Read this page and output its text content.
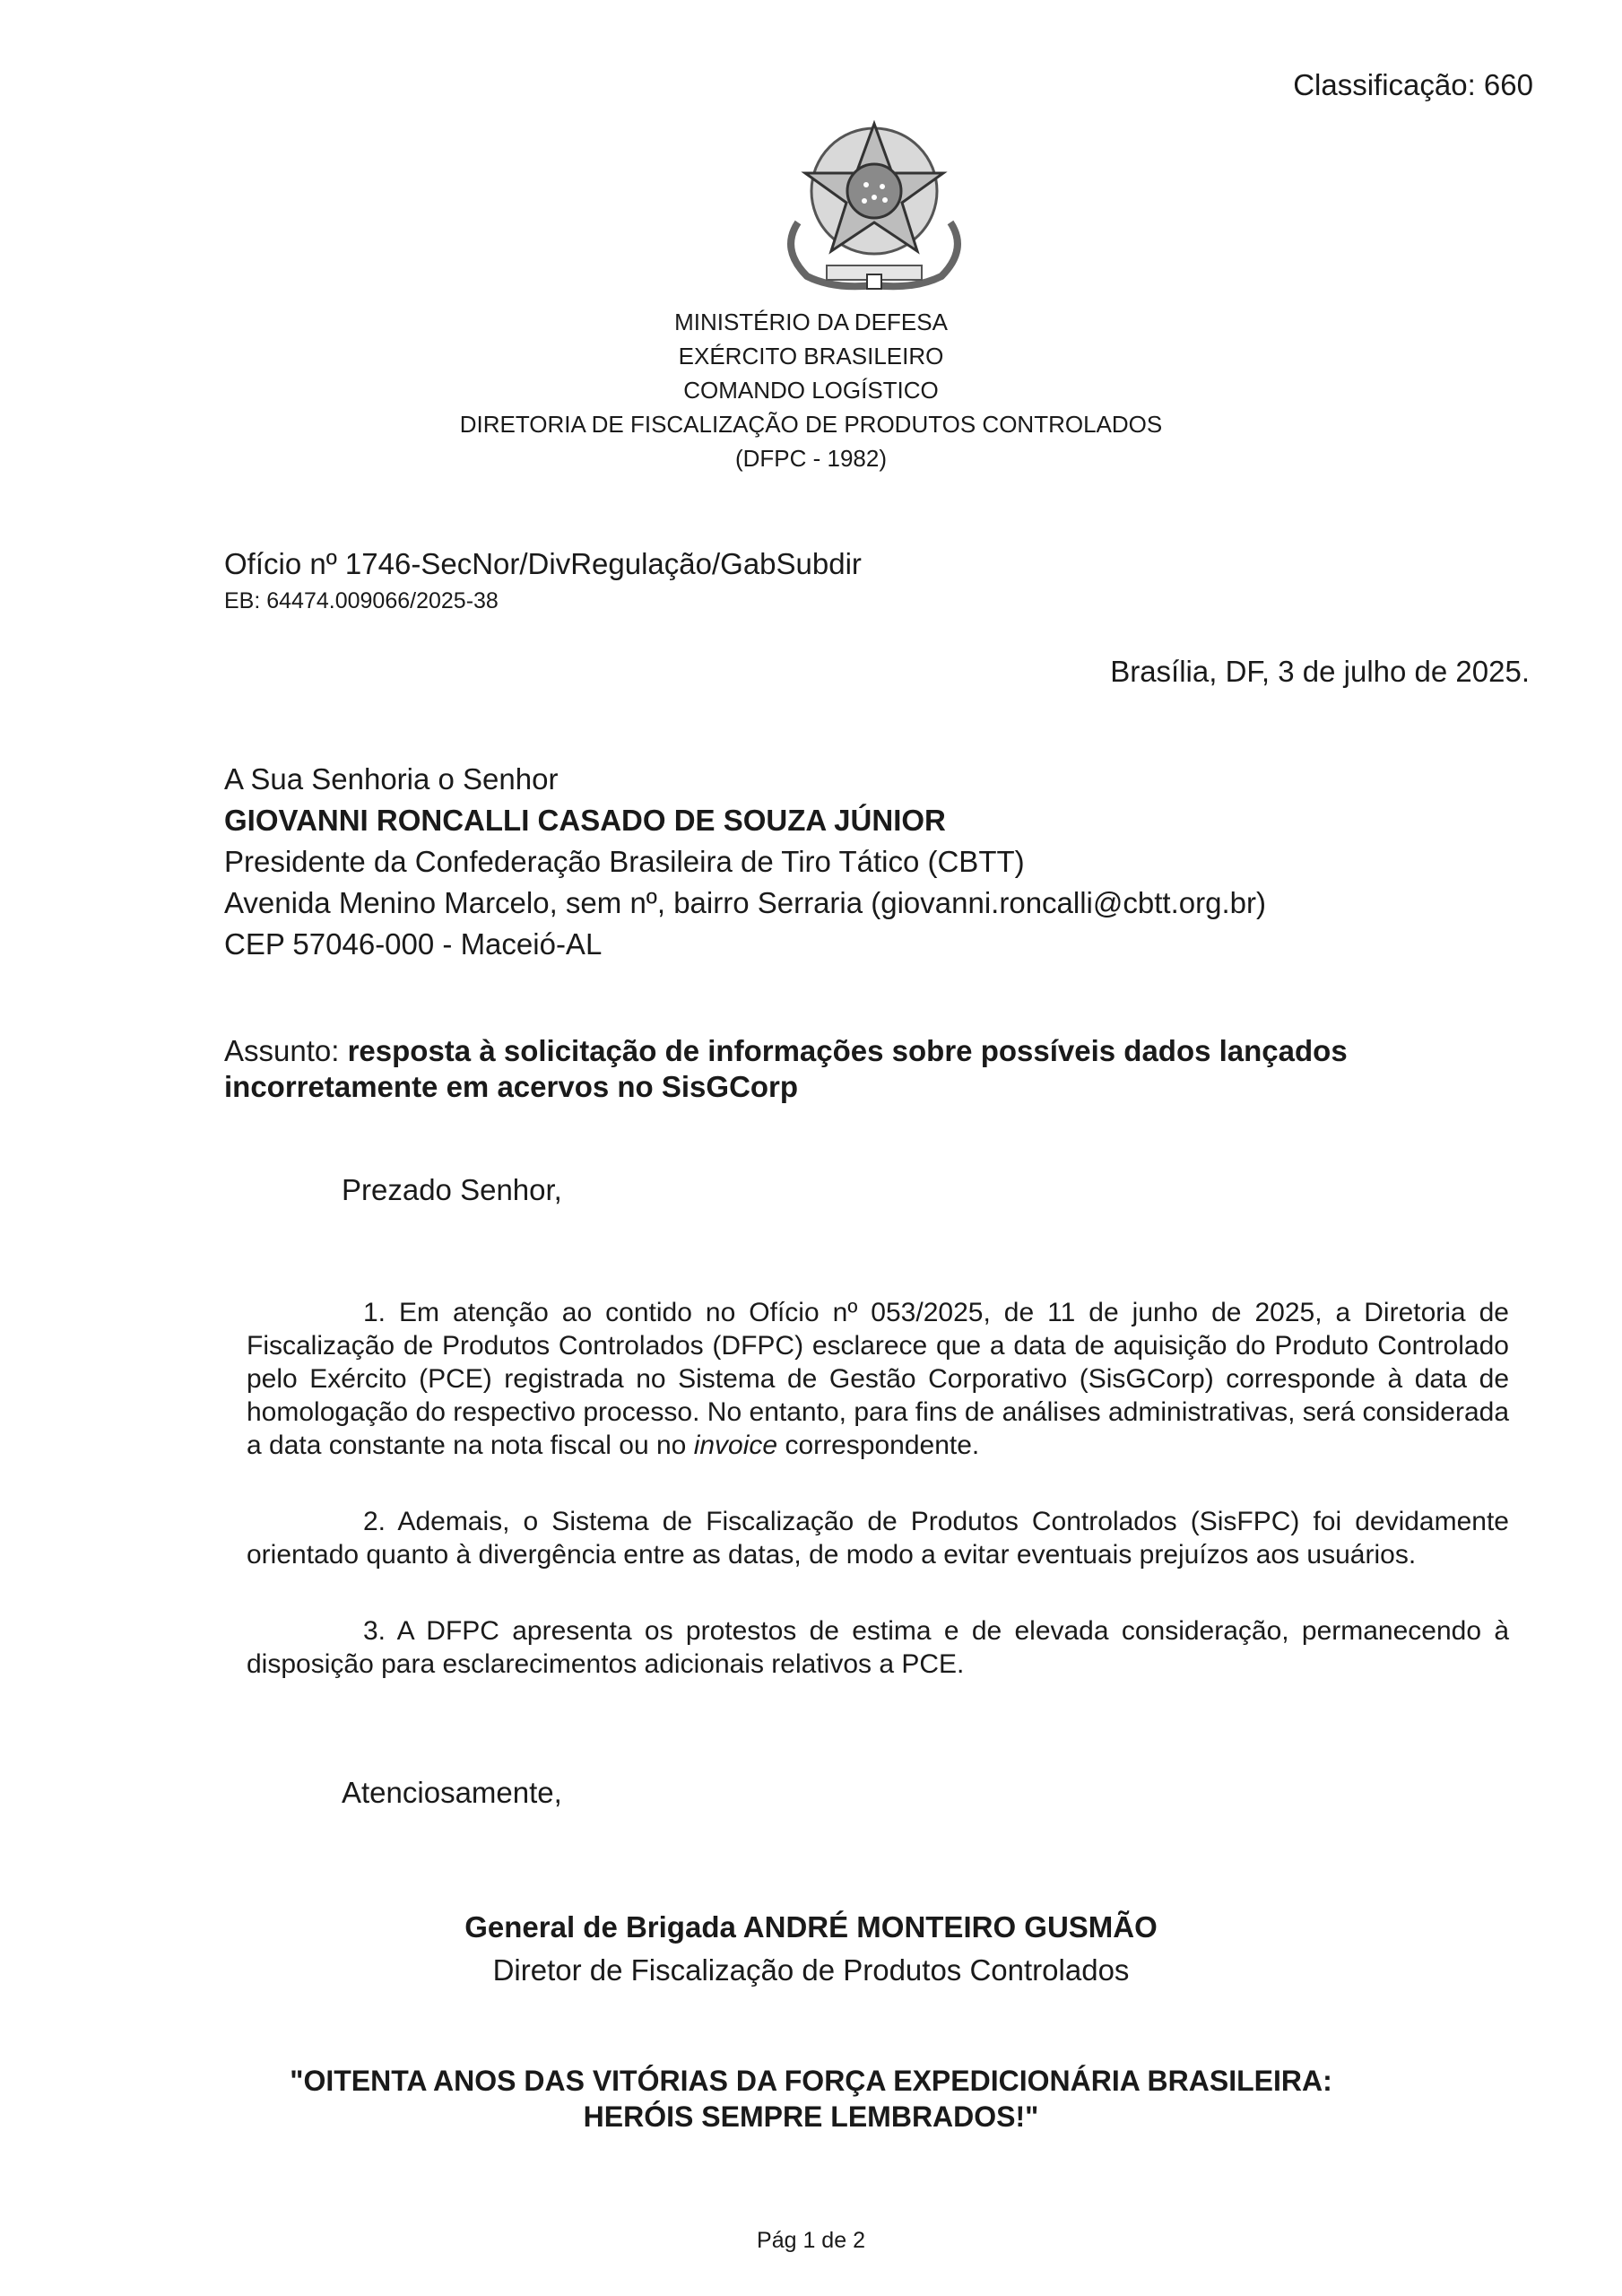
Classificação: 660
MINISTÉRIO DA DEFESA
EXÉRCITO BRASILEIRO
COMANDO LOGÍSTICO
DIRETORIA DE FISCALIZAÇÃO DE PRODUTOS CONTROLADOS
(DFPC - 1982)
Ofício nº 1746-SecNor/DivRegulação/GabSubdir
EB: 64474.009066/2025-38
Brasília, DF, 3 de julho de 2025.
A Sua Senhoria o Senhor
GIOVANNI RONCALLI CASADO DE SOUZA JÚNIOR
Presidente da Confederação Brasileira de Tiro Tático (CBTT)
Avenida Menino Marcelo, sem nº, bairro Serraria (giovanni.roncalli@cbtt.org.br)
CEP 57046-000 - Maceió-AL
Assunto: resposta à solicitação de informações sobre possíveis dados lançados incorretamente em acervos no SisGCorp
Prezado Senhor,
1. Em atenção ao contido no Ofício nº 053/2025, de 11 de junho de 2025, a Diretoria de Fiscalização de Produtos Controlados (DFPC) esclarece que a data de aquisição do Produto Controlado pelo Exército (PCE) registrada no Sistema de Gestão Corporativo (SisGCorp) corresponde à data de homologação do respectivo processo. No entanto, para fins de análises administrativas, será considerada a data constante na nota fiscal ou no invoice correspondente.
2. Ademais, o Sistema de Fiscalização de Produtos Controlados (SisFPC) foi devidamente orientado quanto à divergência entre as datas, de modo a evitar eventuais prejuízos aos usuários.
3. A DFPC apresenta os protestos de estima e de elevada consideração, permanecendo à disposição para esclarecimentos adicionais relativos a PCE.
Atenciosamente,
General de Brigada ANDRÉ MONTEIRO GUSMÃO
Diretor de Fiscalização de Produtos Controlados
"OITENTA ANOS DAS VITÓRIAS DA FORÇA EXPEDICIONÁRIA BRASILEIRA:
HERÓIS SEMPRE LEMBRADOS!"
Pág 1 de 2
